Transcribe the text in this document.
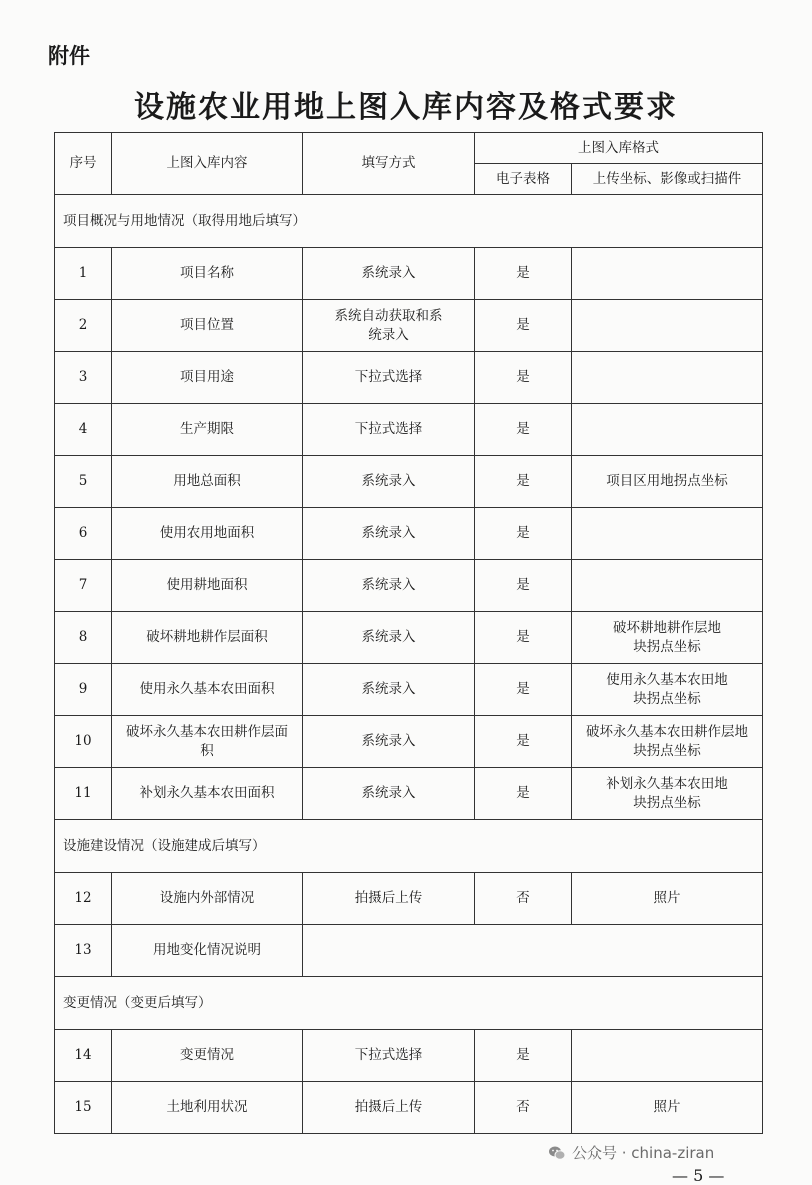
附件
设施农业用地上图入库内容及格式要求
序号	上图入库内容	填写方式	上图入库格式	
			电子表格	上传坐标、影像或扫描件
项目概况与用地情况（取得用地后填写）				
1	项目名称	系统录入	是	
2	项目位置	系统自动获取和系统录入	是	
3	项目用途	下拉式选择	是	
4	生产期限	下拉式选择	是	
5	用地总面积	系统录入	是	项目区用地拐点坐标
6	使用农用地面积	系统录入	是	
7	使用耕地面积	系统录入	是	
8	破坏耕地耕作层面积	系统录入	是	破坏耕地耕作层地块拐点坐标
9	使用永久基本农田面积	系统录入	是	使用永久基本农田地块拐点坐标
10	破坏永久基本农田耕作层面积	系统录入	是	破坏永久基本农田耕作层地块拐点坐标
11	补划永久基本农田面积	系统录入	是	补划永久基本农田地块拐点坐标
设施建设情况（设施建成后填写）				
12	设施内外部情况	拍摄后上传	否	照片
13	用地变化情况说明			
变更情况（变更后填写）				
14	变更情况	下拉式选择	是	
15	土地利用状况	拍摄后上传	否	照片
公众号 · china-ziran
— 5 —
